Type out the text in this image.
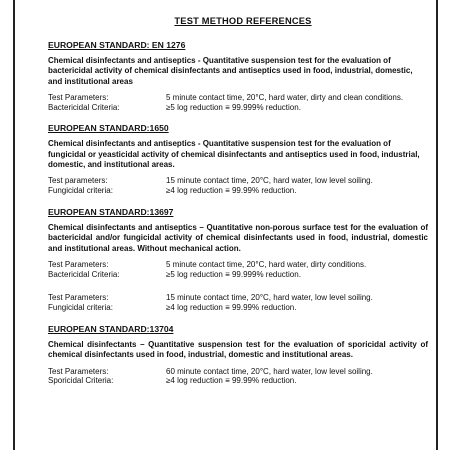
TEST METHOD REFERENCES
EUROPEAN STANDARD: EN 1276
Chemical disinfectants and antiseptics - Quantitative suspension test for the evaluation of bactericidal activity of chemical disinfectants and antiseptics used in food, industrial, domestic, and institutional areas
Test Parameters:	5 minute contact time, 20°C, hard water, dirty and clean conditions.
Bactericidal Criteria:	≥5 log reduction ≡ 99.999% reduction.
EUROPEAN STANDARD:1650
Chemical disinfectants and antiseptics - Quantitative suspension test for the evaluation of fungicidal or yeasticidal activity of chemical disinfectants and antiseptics used in food, industrial, domestic, and institutional areas.
Test parameters:	15 minute contact time, 20°C, hard water, low level soiling.
Fungicidal criteria:	≥4 log reduction ≡ 99.99% reduction.
EUROPEAN STANDARD:13697
Chemical disinfectants and antiseptics – Quantitative non-porous surface test for the evaluation of bactericidal and/or fungicidal activity of chemical disinfectants used in food, industrial, domestic and institutional areas. Without mechanical action.
Test Parameters:	5 minute contact time, 20°C, hard water, dirty conditions.
Bactericidal Criteria:	≥5 log reduction ≡ 99.999% reduction.
Test Parameters:	15 minute contact time, 20°C, hard water, low level soiling.
Fungicidal criteria:	≥4 log reduction ≡ 99.99% reduction.
EUROPEAN STANDARD:13704
Chemical disinfectants – Quantitative suspension test for the evaluation of sporicidal activity of chemical disinfectants used in food, industrial, domestic and institutional areas.
Test Parameters:	60 minute contact time, 20°C, hard water, low level soiling.
Sporicidal Criteria:	≥4 log reduction ≡ 99.99% reduction.
